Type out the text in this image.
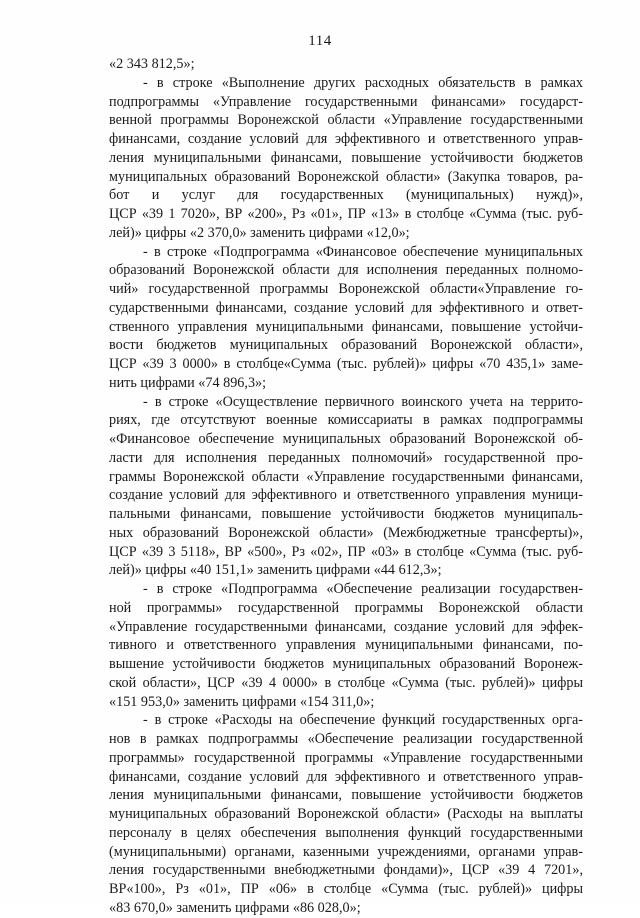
114
«2 343 812,5»;
- в строке «Выполнение других расходных обязательств в рамках
подпрограммы «Управление государственными финансами» государст-
венной программы Воронежской области «Управление государственными
финансами, создание условий для эффективного и ответственного управ-
ления муниципальными финансами, повышение устойчивости бюджетов
муниципальных образований Воронежской области» (Закупка товаров, ра-
бот и услуг для государственных (муниципальных) нужд)»,
ЦСР «39 1 7020», ВР «200», Рз «01», ПР «13» в столбце «Сумма (тыс. руб-
лей)» цифры «2 370,0» заменить цифрами «12,0»;
- в строке «Подпрограмма «Финансовое обеспечение муниципальных
образований Воронежской области для исполнения переданных полномо-
чий» государственной программы Воронежской области«Управление го-
сударственными финансами, создание условий для эффективного и ответ-
ственного управления муниципальными финансами, повышение устойчи-
вости бюджетов муниципальных образований Воронежской области»,
ЦСР «39 3 0000» в столбце«Сумма (тыс. рублей)» цифры «70 435,1» заме-
нить цифрами «74 896,3»;
- в строке «Осуществление первичного воинского учета на террито-
риях, где отсутствуют военные комиссариаты в рамках подпрограммы
«Финансовое обеспечение муниципальных образований Воронежской об-
ласти для исполнения переданных полномочий» государственной про-
граммы Воронежской области «Управление государственными финансами,
создание условий для эффективного и ответственного управления муници-
пальными финансами, повышение устойчивости бюджетов муниципаль-
ных образований Воронежской области» (Межбюджетные трансферты)»,
ЦСР «39 3 5118», ВР «500», Рз «02», ПР «03» в столбце «Сумма (тыс. руб-
лей)» цифры «40 151,1» заменить цифрами «44 612,3»;
- в строке «Подпрограмма «Обеспечение реализации государствен-
ной программы» государственной программы Воронежской области
«Управление государственными финансами, создание условий для эффек-
тивного и ответственного управления муниципальными финансами, по-
вышение устойчивости бюджетов муниципальных образований Воронеж-
ской области», ЦСР «39 4 0000» в столбце «Сумма (тыс. рублей)» цифры
«151 953,0» заменить цифрами «154 311,0»;
- в строке «Расходы на обеспечение функций государственных орга-
нов в рамках подпрограммы «Обеспечение реализации государственной
программы» государственной программы «Управление государственными
финансами, создание условий для эффективного и ответственного управ-
ления муниципальными финансами, повышение устойчивости бюджетов
муниципальных образований Воронежской области» (Расходы на выплаты
персоналу в целях обеспечения выполнения функций государственными
(муниципальными) органами, казенными учреждениями, органами управ-
ления государственными внебюджетными фондами)», ЦСР «39 4 7201»,
ВР«100», Рз «01», ПР «06» в столбце «Сумма (тыс. рублей)» цифры
«83 670,0» заменить цифрами «86 028,0»;
